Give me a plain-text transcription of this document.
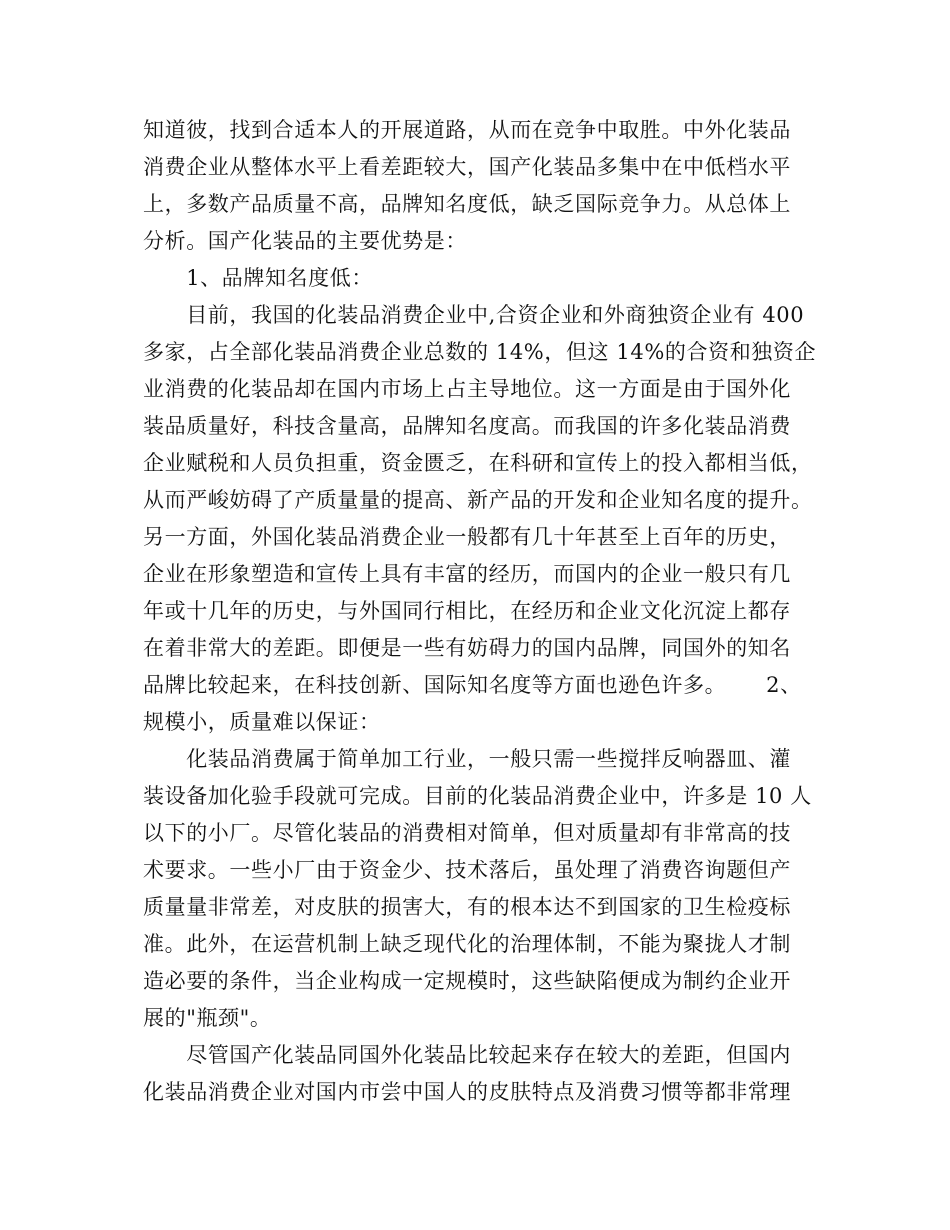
知道彼，找到合适本人的开展道路，从而在竞争中取胜。中外化装品
消费企业从整体水平上看差距较大，国产化装品多集中在中低档水平
上，多数产品质量不高，品牌知名度低，缺乏国际竞争力。从总体上
分析。国产化装品的主要优势是：
　　1、品牌知名度低：
　　目前，我国的化装品消费企业中,合资企业和外商独资企业有 400
多家，占全部化装品消费企业总数的 14%，但这 14%的合资和独资企
业消费的化装品却在国内市场上占主导地位。这一方面是由于国外化
装品质量好，科技含量高，品牌知名度高。而我国的许多化装品消费
企业赋税和人员负担重，资金匮乏，在科研和宣传上的投入都相当低，
从而严峻妨碍了产质量量的提高、新产品的开发和企业知名度的提升。
另一方面，外国化装品消费企业一般都有几十年甚至上百年的历史，
企业在形象塑造和宣传上具有丰富的经历，而国内的企业一般只有几
年或十几年的历史，与外国同行相比，在经历和企业文化沉淀上都存
在着非常大的差距。即便是一些有妨碍力的国内品牌，同国外的知名
品牌比较起来，在科技创新、国际知名度等方面也逊色许多。　　 2、
规模小，质量难以保证：
　　化装品消费属于简单加工行业，一般只需一些搅拌反响器皿、灌
装设备加化验手段就可完成。目前的化装品消费企业中，许多是 10 人
以下的小厂。尽管化装品的消费相对简单，但对质量却有非常高的技
术要求。一些小厂由于资金少、技术落后，虽处理了消费咨询题但产
质量量非常差，对皮肤的损害大，有的根本达不到国家的卫生检疫标
准。此外，在运营机制上缺乏现代化的治理体制，不能为聚拢人才制
造必要的条件，当企业构成一定规模时，这些缺陷便成为制约企业开
展的"瓶颈"。
　　尽管国产化装品同国外化装品比较起来存在较大的差距，但国内
化装品消费企业对国内市尝中国人的皮肤特点及消费习惯等都非常理
